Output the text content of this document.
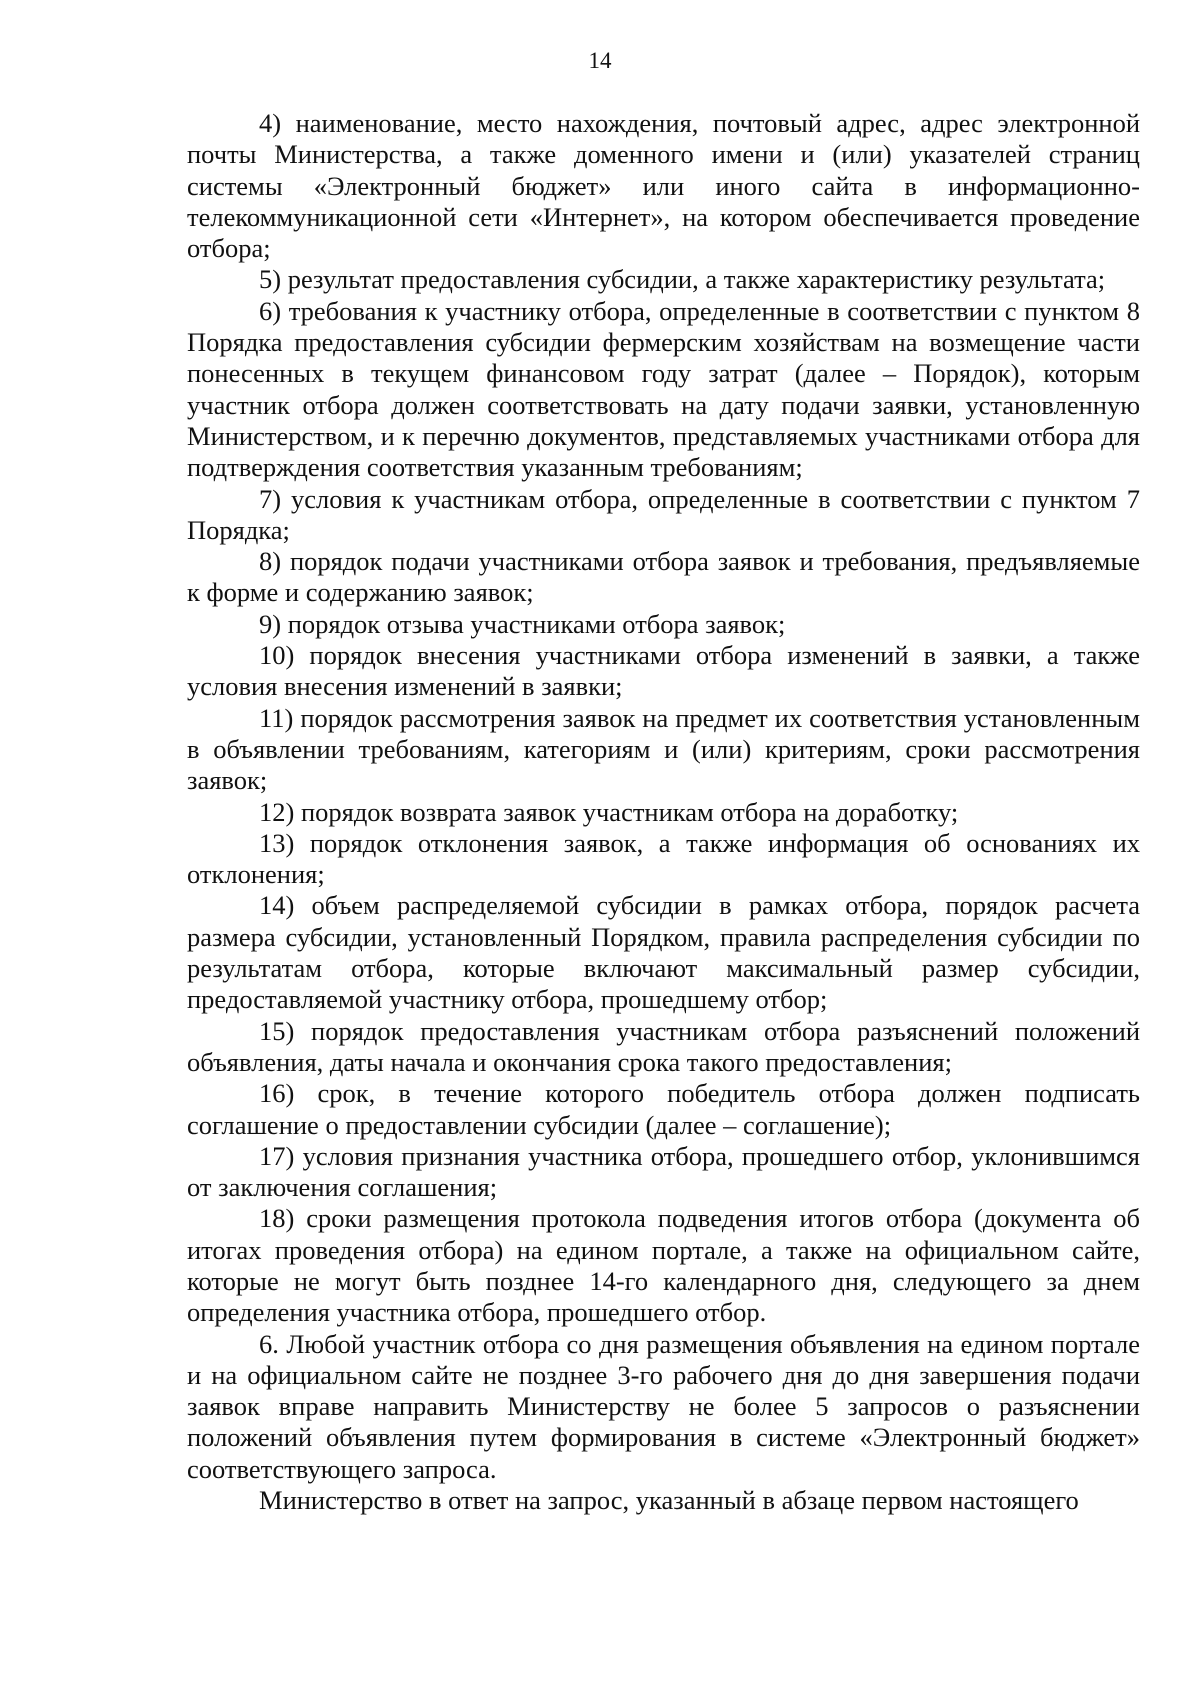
14

4) наименование, место нахождения, почтовый адрес, адрес электронной почты Министерства, а также доменного имени и (или) указателей страниц системы «Электронный бюджет» или иного сайта в информационно-телекоммуникационной сети «Интернет», на котором обеспечивается проведение отбора;

5) результат предоставления субсидии, а также характеристику результата;

6) требования к участнику отбора, определенные в соответствии с пунктом 8 Порядка предоставления субсидии фермерским хозяйствам на возмещение части понесенных в текущем финансовом году затрат (далее – Порядок), которым участник отбора должен соответствовать на дату подачи заявки, установленную Министерством, и к перечню документов, представляемых участниками отбора для подтверждения соответствия указанным требованиям;

7) условия к участникам отбора, определенные в соответствии с пунктом 7 Порядка;

8) порядок подачи участниками отбора заявок и требования, предъявляемые к форме и содержанию заявок;

9) порядок отзыва участниками отбора заявок;

10) порядок внесения участниками отбора изменений в заявки, а также условия внесения изменений в заявки;

11) порядок рассмотрения заявок на предмет их соответствия установленным в объявлении требованиям, категориям и (или) критериям, сроки рассмотрения заявок;

12) порядок возврата заявок участникам отбора на доработку;

13) порядок отклонения заявок, а также информация об основаниях их отклонения;

14) объем распределяемой субсидии в рамках отбора, порядок расчета размера субсидии, установленный Порядком, правила распределения субсидии по результатам отбора, которые включают максимальный размер субсидии, предоставляемой участнику отбора, прошедшему отбор;

15) порядок предоставления участникам отбора разъяснений положений объявления, даты начала и окончания срока такого предоставления;

16) срок, в течение которого победитель отбора должен подписать соглашение о предоставлении субсидии (далее – соглашение);

17) условия признания участника отбора, прошедшего отбор, уклонившимся от заключения соглашения;

18) сроки размещения протокола подведения итогов отбора (документа об итогах проведения отбора) на едином портале, а также на официальном сайте, которые не могут быть позднее 14-го календарного дня, следующего за днем определения участника отбора, прошедшего отбор.

6. Любой участник отбора со дня размещения объявления на едином портале и на официальном сайте не позднее 3-го рабочего дня до дня завершения подачи заявок вправе направить Министерству не более 5 запросов о разъяснении положений объявления путем формирования в системе «Электронный бюджет» соответствующего запроса.

Министерство в ответ на запрос, указанный в абзаце первом настоящего
